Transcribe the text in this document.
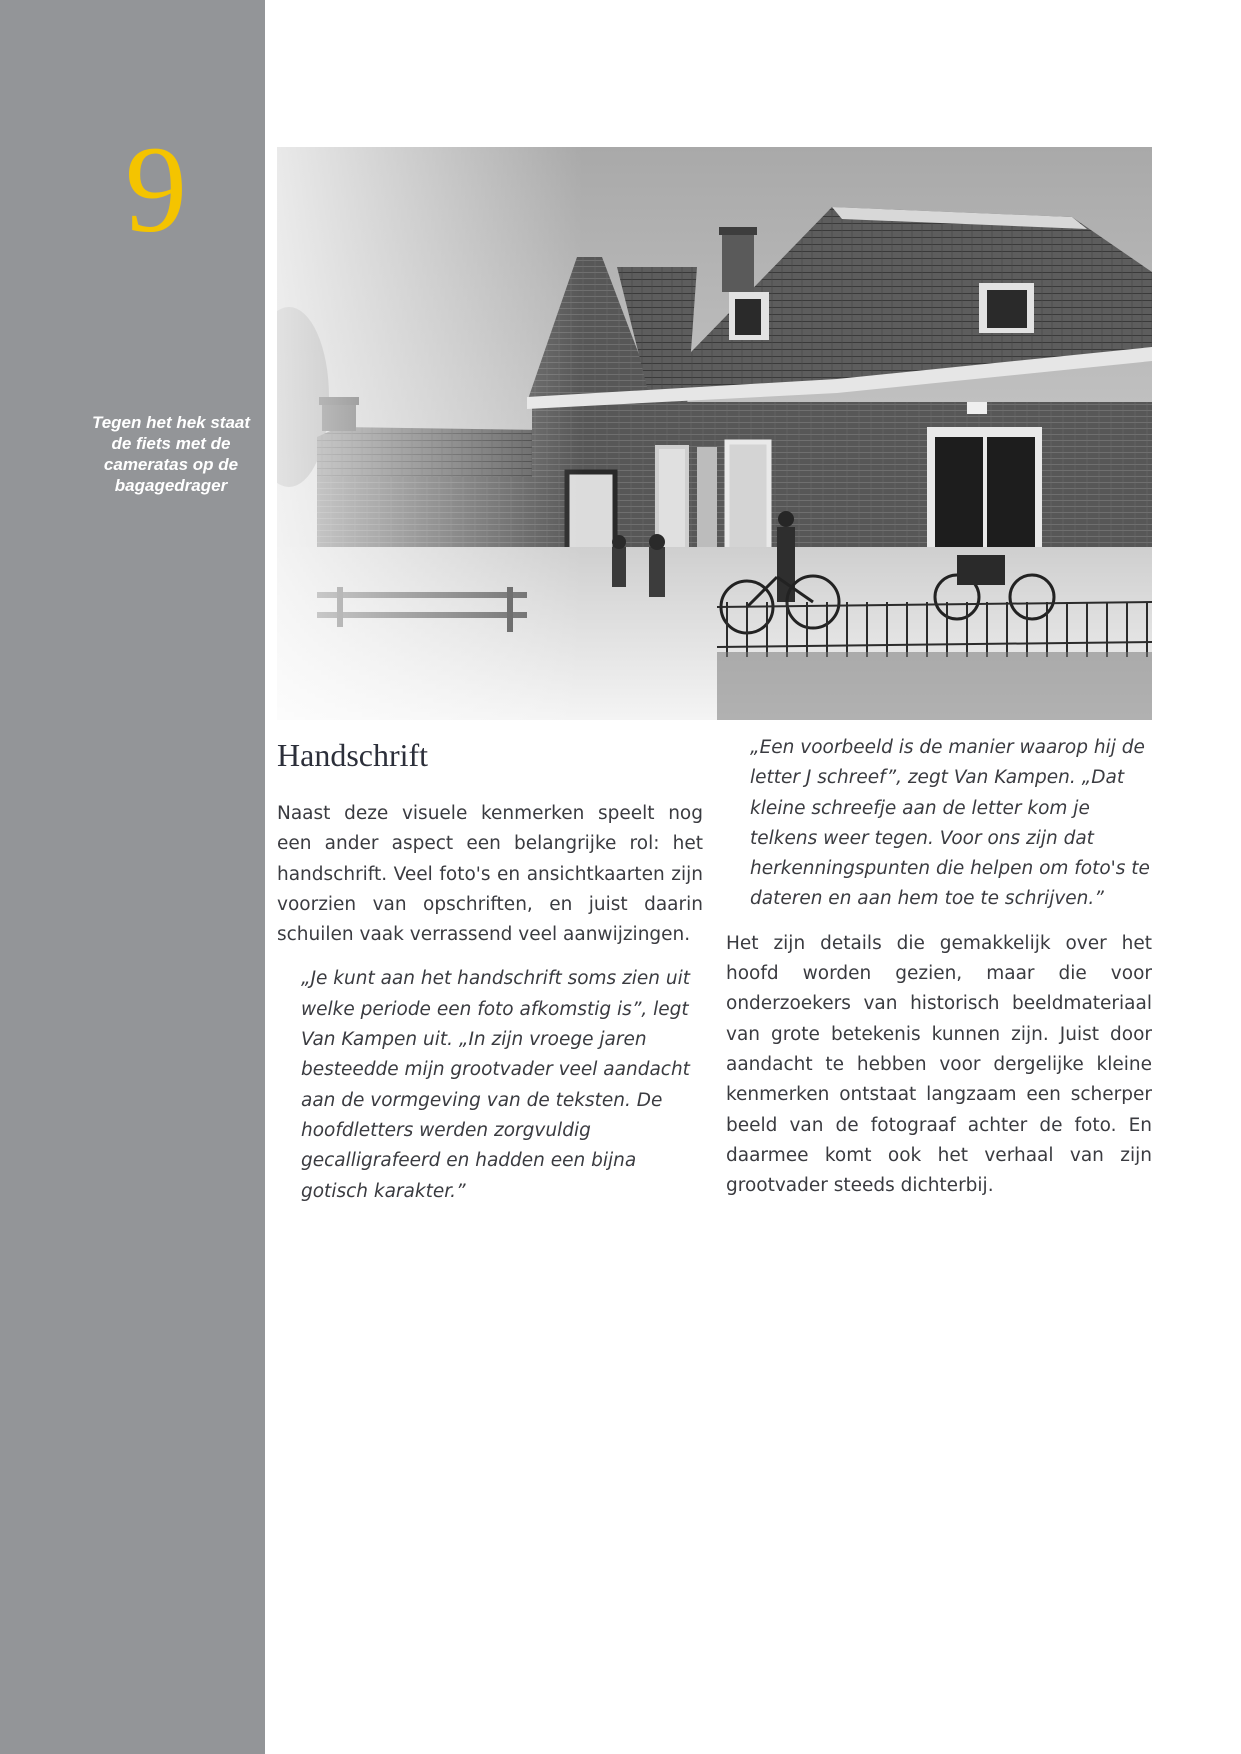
9
Tegen het hek staat de fiets met de cameratas op de bagagedrager
Handschrift

Naast deze visuele kenmerken speelt nog een ander aspect een belangrijke rol: het handschrift. Veel foto's en ansichtkaarten zijn voorzien van opschriften, en juist daarin schuilen vaak verrassend veel aanwijzingen.

„Je kunt aan het handschrift soms zien uit welke periode een foto afkomstig is”, legt Van Kampen uit. „In zijn vroege jaren besteedde mijn grootvader veel aandacht aan de vormgeving van de teksten. De hoofdletters werden zorgvuldig gecalligrafeerd en hadden een bijna gotisch karakter.”

„Een voorbeeld is de manier waarop hij de letter J schreef”, zegt Van Kampen. „Dat kleine schreefje aan de letter kom je telkens weer tegen. Voor ons zijn dat herkenningspunten die helpen om foto's te dateren en aan hem toe te schrijven.”

Het zijn details die gemakkelijk over het hoofd worden gezien, maar die voor onderzoekers van historisch beeldmateriaal van grote betekenis kunnen zijn. Juist door aandacht te hebben voor dergelijke kleine kenmerken ontstaat langzaam een scherper beeld van de fotograaf achter de foto. En daarmee komt ook het verhaal van zijn grootvader steeds dichterbij.
